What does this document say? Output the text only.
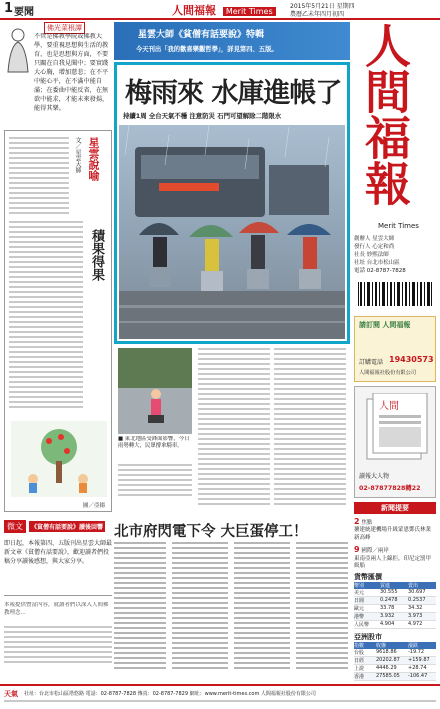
1 要聞	人間福報 Merit Times
2015年5月21日 星期四
農曆乙未年四月初四
佛光菜根譚
不管是佛教學院或佛教大學，要重視思想與生活的教育，也是思想與方面，不要只關在自我見聞中；要實踐大心胸，增加慈悲；在不平中能心平，在不滿中能自滿；在委曲中能反省，在無欲中能求，才能未來發揚，能得其樂。
星雲說喻
積果得果
文／星雲大師
圖／亞揚
星雲大師《貧僧有話要說》特輯
今天刊出「我的歡喜樂觀哲學」，詳見第四、五版。
梅雨來 水庫進帳了
持續1周 全台天氣不穩 注意防災 石門可望解除二階限水
■ 東北地區受鋒面影響，今日雨勢轉大，民眾撐傘騎車。
人間福報
Merit Times
創辦人 星雲大師
發行人 心定和尚
社長 妙熙法師
社址 台北市松山區
電話 02-8787-7828
請訂閱 人間福報
訂購電話 19430573
人間福報社股份有限公司
人間
讀報大人物
02-87877828轉22
新聞提要
2 焦點
擴建統建機場升級蒙恩鄧氏林業新高峰
9 國際／兩岸
東南亞兩人上線拒，印尼定罰甲級船
貨幣匯價
幣別	買進	賣出
美元	30.555	30.697
日圓	0.2478	0.2537
歐元	33.78	34.32
港幣	3.932	3.973
人民幣	4.904	4.972
亞洲股市
指數	收盤	漲跌
台股	9618.86	-19.72
日經	20202.87	+159.87
上證	4446.29	+28.74
香港	27585.05	-106.47
微文	《貧僧有話要說》讀後回響
即日起，本報第四、五版刊出星雲大師最新文章《貧僧有話要說》，歡迎讀者們投稿分享讀後感想，與大家分享。
本報提供豐富內容，就讀者們以深入人間佛教理念...
北市府閃電下令 大巨蛋停工！
天氣 社址：台北市松山區塔悠路 電話：02-8787-7828 傳真：02-8787-7829 網址：www.merit-times.com 人間福報社股份有限公司
